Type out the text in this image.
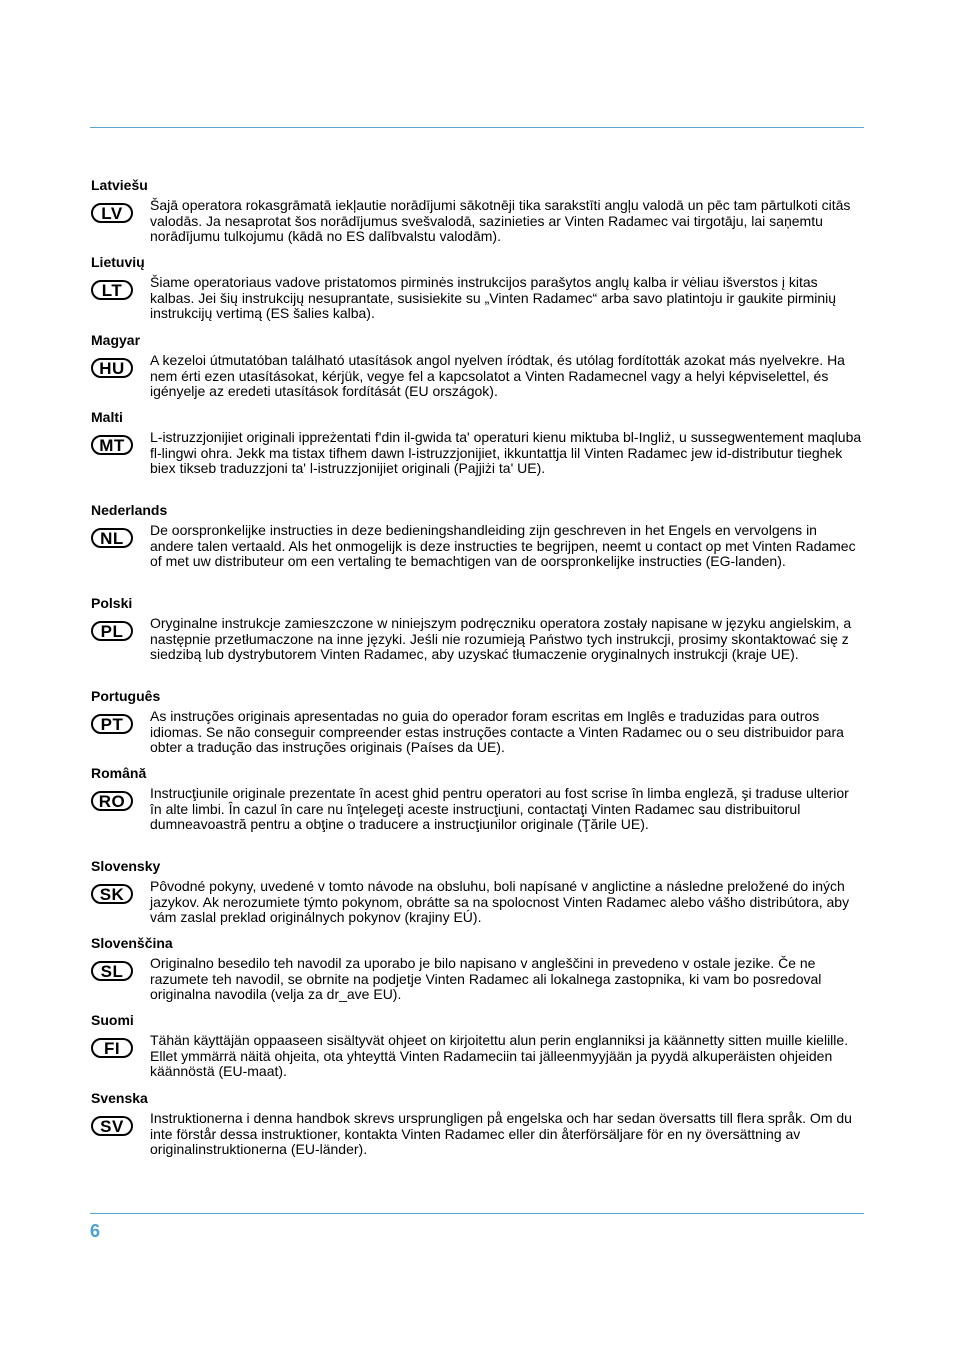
Latviešu
LV	Šajā operatora rokasgrāmatā iekļautie norādījumi sākotnēji tika sarakstīti angļu valodā un pēc tam pārtulkoti citās valodās. Ja nesaprotat šos norādījumus svešvalodā, sazinieties ar Vinten Radamec vai tirgotāju, lai saņemtu norādījumu tulkojumu (kādā no ES dalībvalstu valodām).

Lietuvių
LT	Šiame operatoriaus vadove pristatomos pirminės instrukcijos parašytos anglų kalba ir vėliau išverstos į kitas kalbas. Jei šių instrukcijų nesuprantate, susisiekite su „Vinten Radamec“ arba savo platintoju ir gaukite pirminių instrukcijų vertimą (ES šalies kalba).

Magyar
HU	A kezeloi útmutatóban található utasítások angol nyelven íródtak, és utólag fordították azokat más nyelvekre. Ha nem érti ezen utasításokat, kérjük, vegye fel a kapcsolatot a Vinten Radamecnel vagy a helyi képviselettel, és igényelje az eredeti utasítások fordítását (EU országok).

Malti
MT	L-istruzzjonijiet originali ippreżentati f'din il-gwida ta' operaturi kienu miktuba bl-Ingliż, u sussegwentement maqluba fl-lingwi ohra. Jekk ma tistax tifhem dawn l-istruzzjonijiet, ikkuntattja lil Vinten Radamec jew id-distributur tieghek biex tikseb traduzzjoni ta' l-istruzzjonijiet originali (Pajjiżi ta' UE).

Nederlands
NL	De oorspronkelijke instructies in deze bedieningshandleiding zijn geschreven in het Engels en vervolgens in andere talen vertaald. Als het onmogelijk is deze instructies te begrijpen, neemt u contact op met Vinten Radamec of met uw distributeur om een vertaling te bemachtigen van de oorspronkelijke instructies (EG-landen).

Polski
PL	Oryginalne instrukcje zamieszczone w niniejszym podręczniku operatora zostały napisane w języku angielskim, a następnie przetłumaczone na inne języki. Jeśli nie rozumieją Państwo tych instrukcji, prosimy skontaktować się z siedzibą lub dystrybutorem Vinten Radamec, aby uzyskać tłumaczenie oryginalnych instrukcji (kraje UE).

Português
PT	As instruções originais apresentadas no guia do operador foram escritas em Inglês e traduzidas para outros idiomas. Se não conseguir compreender estas instruções contacte a Vinten Radamec ou o seu distribuidor para obter a tradução das instruções originais (Países da UE).

Română
RO	Instrucţiunile originale prezentate în acest ghid pentru operatori au fost scrise în limba engleză, şi traduse ulterior în alte limbi. În cazul în care nu înţelegeţi aceste instrucţiuni, contactaţi Vinten Radamec sau distribuitorul dumneavoastră pentru a obţine o traducere a instrucţiunilor originale (Ţările UE).

Slovensky
SK	Pôvodné pokyny, uvedené v tomto návode na obsluhu, boli napísané v anglictine a následne preložené do iných jazykov. Ak nerozumiete týmto pokynom, obrátte sa na spolocnost Vinten Radamec alebo vášho distribútora, aby vám zaslal preklad originálnych pokynov (krajiny EÚ).

Slovenščina
SL	Originalno besedilo teh navodil za uporabo je bilo napisano v angleščini in prevedeno v ostale jezike. Če ne razumete teh navodil, se obrnite na podjetje Vinten Radamec ali lokalnega zastopnika, ki vam bo posredoval originalna navodila (velja za dr_ave EU).

Suomi
FI	Tähän käyttäjän oppaaseen sisältyvät ohjeet on kirjoitettu alun perin englanniksi ja käännetty sitten muille kielille. Ellet ymmärrä näitä ohjeita, ota yhteyttä Vinten Radameciin tai jälleenmyyjään ja pyydä alkuperäisten ohjeiden käännöstä (EU-maat).

Svenska
SV	Instruktionerna i denna handbok skrevs ursprungligen på engelska och har sedan översatts till flera språk. Om du inte förstår dessa instruktioner, kontakta Vinten Radamec eller din återförsäljare för en ny översättning av originalinstruktionerna (EU-länder).

6
